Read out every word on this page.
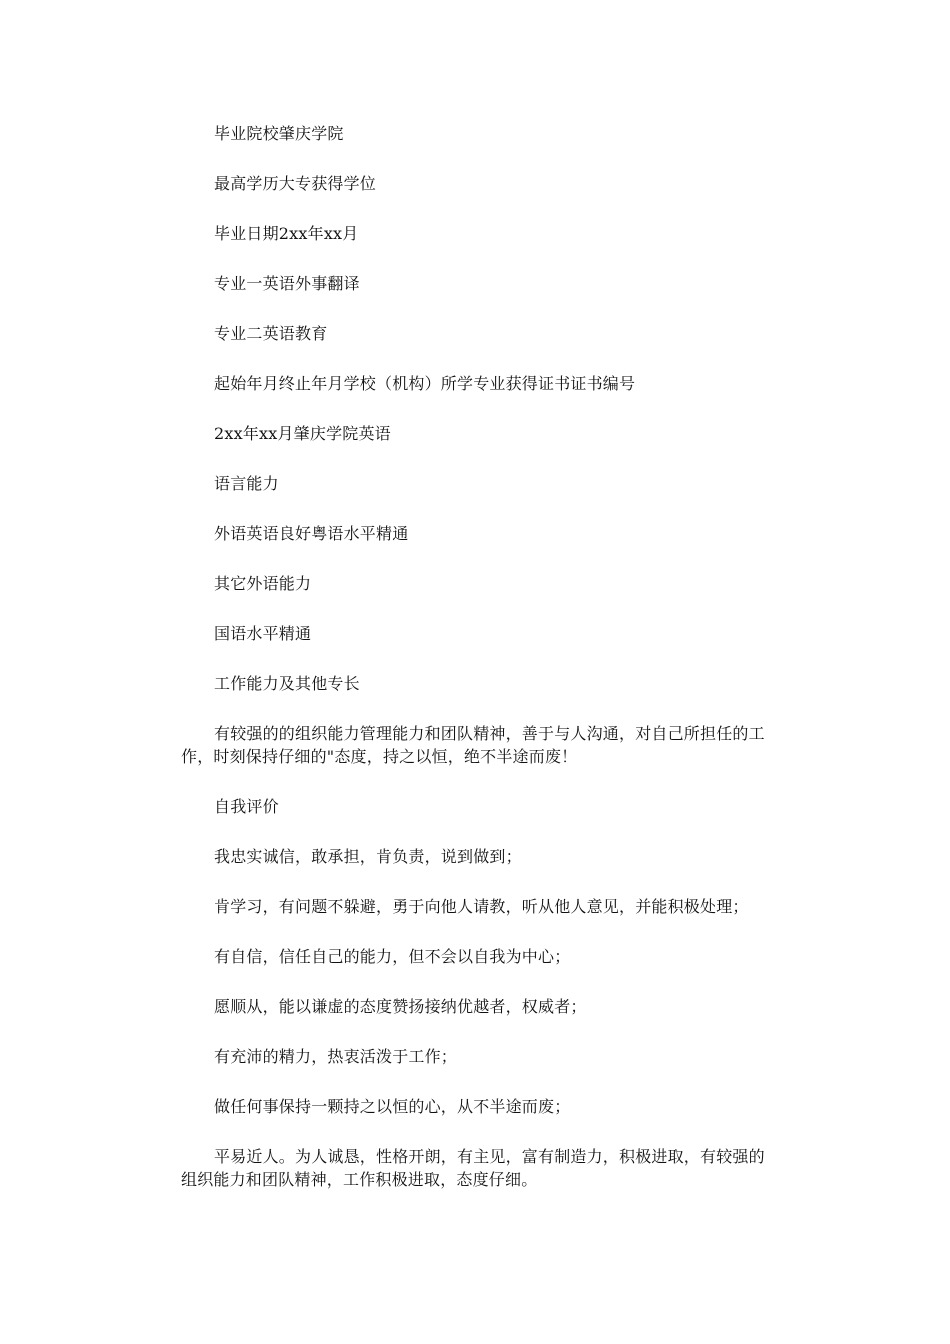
毕业院校肇庆学院

最高学历大专获得学位

毕业日期2xx年xx月

专业一英语外事翻译

专业二英语教育

起始年月终止年月学校（机构）所学专业获得证书证书编号

2xx年xx月肇庆学院英语

语言能力

外语英语良好粤语水平精通

其它外语能力

国语水平精通

工作能力及其他专长

有较强的的组织能力管理能力和团队精神，善于与人沟通，对自己所担任的工作，时刻保持仔细的"态度，持之以恒，绝不半途而废！

自我评价

我忠实诚信，敢承担，肯负责，说到做到；

肯学习，有问题不躲避，勇于向他人请教，听从他人意见，并能积极处理；

有自信，信任自己的能力，但不会以自我为中心；

愿顺从，能以谦虚的态度赞扬接纳优越者，权威者；

有充沛的精力，热衷活泼于工作；

做任何事保持一颗持之以恒的心，从不半途而废；

平易近人。为人诚恳，性格开朗，有主见，富有制造力，积极进取，有较强的组织能力和团队精神，工作积极进取，态度仔细。
